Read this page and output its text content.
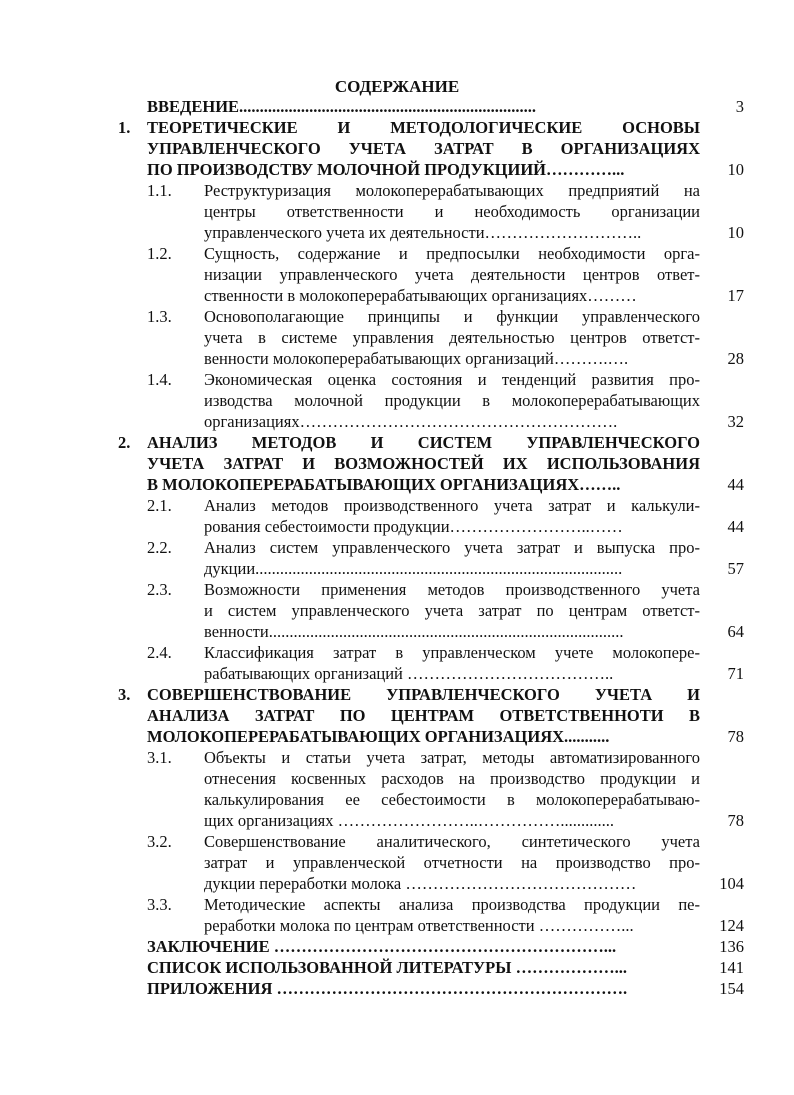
СОДЕРЖАНИЕ
ВВЕДЕНИЕ........................................................................	3
1. ТЕОРЕТИЧЕСКИЕ И МЕТОДОЛОГИЧЕСКИЕ ОСНОВЫ
УПРАВЛЕНЧЕСКОГО УЧЕТА ЗАТРАТ В ОРГАНИЗАЦИЯХ
ПО ПРОИЗВОДСТВУ МОЛОЧНОЙ ПРОДУКЦИИЙ…………...	10
1.1. Реструктуризация молокоперерабатывающих предприятий на
центры ответственности и необходимость организации
управленческого учета их деятельности………………………..	10
1.2. Сущность, содержание и предпосылки необходимости орга-
низации управленческого учета деятельности центров ответ-
ственности в молокоперерабатывающих организациях………	17
1.3. Основополагающие принципы и функции управленческого
учета в системе управления деятельностью центров ответст-
венности молокоперерабатывающих организаций……….….	28
1.4. Экономическая оценка состояния и тенденций развития про-
изводства молочной продукции в молокоперерабатывающих
организациях………………………………………………….	32
2. АНАЛИЗ МЕТОДОВ И СИСТЕМ УПРАВЛЕНЧЕСКОГО
УЧЕТА ЗАТРАТ И ВОЗМОЖНОСТЕЙ ИХ ИСПОЛЬЗОВАНИЯ
В МОЛОКОПЕРЕРАБАТЫВАЮЩИХ ОРГАНИЗАЦИЯХ……..	44
2.1. Анализ методов производственного учета затрат и калькули-
рования себестоимости продукции……………………..……	44
2.2. Анализ систем управленческого учета затрат и выпуска про-
дукции.........................................................................................	57
2.3. Возможности применения методов производственного учета
и систем управленческого учета затрат по центрам ответст-
венности......................................................................................	64
2.4. Классификация затрат в управленческом учете молокопере-
рабатывающих организаций ………………………………..	71
3. СОВЕРШЕНСТВОВАНИЕ УПРАВЛЕНЧЕСКОГО УЧЕТА И
АНАЛИЗА ЗАТРАТ ПО ЦЕНТРАМ ОТВЕТСТВЕННОТИ В
МОЛОКОПЕРЕРАБАТЫВАЮЩИХ ОРГАНИЗАЦИЯХ...........	78
3.1. Объекты и статьи учета затрат, методы автоматизированного
отнесения косвенных расходов на производство продукции и
калькулирования ее себестоимости в молокоперерабатываю-
щих организациях ……………………..…………….............	78
3.2. Совершенствование аналитического, синтетического учета
затрат и управленческой отчетности на производство про-
дукции переработки молока ……………………………………	104
3.3. Методические аспекты анализа производства продукции пе-
реработки молока по центрам ответственности ……………...	124
ЗАКЛЮЧЕНИЕ ……………………………………………………...	136
СПИСОК ИСПОЛЬЗОВАННОЙ ЛИТЕРАТУРЫ ………………...	141
ПРИЛОЖЕНИЯ ……………………………………………………….	154
